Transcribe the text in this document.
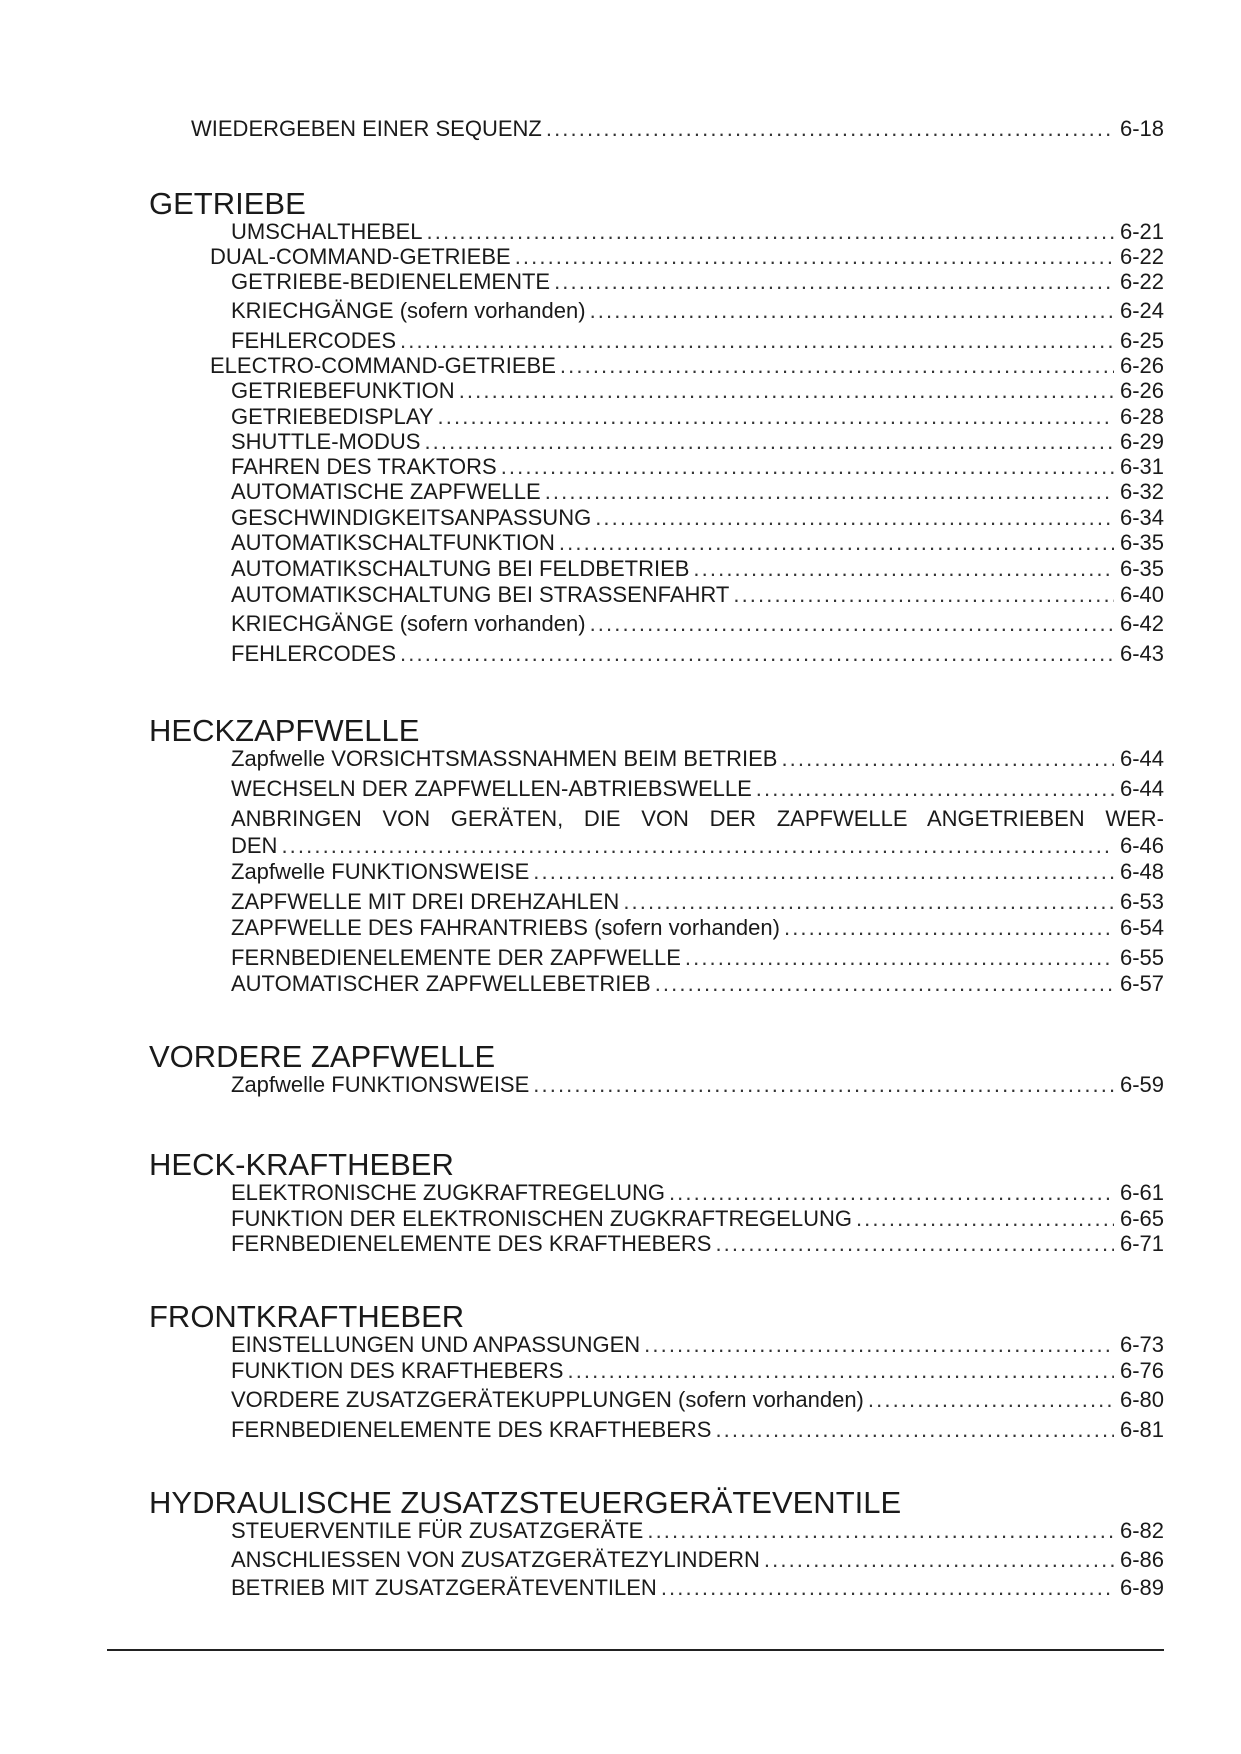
WIEDERGEBEN EINER SEQUENZ . . .	6-18
GETRIEBE
UMSCHALTHEBEL . . .	6-21
DUAL-COMMAND-GETRIEBE . . .	6-22
GETRIEBE-BEDIENELEMENTE . . .	6-22
KRIECHGÄNGE (sofern vorhanden) . . .	6-24
FEHLERCODES . . .	6-25
ELECTRO-COMMAND-GETRIEBE . . .	6-26
GETRIEBEFUNKTION . . .	6-26
GETRIEBEDISPLAY . . .	6-28
SHUTTLE-MODUS . . .	6-29
FAHREN DES TRAKTORS . . .	6-31
AUTOMATISCHE ZAPFWELLE . . .	6-32
GESCHWINDIGKEITSANPASSUNG . . .	6-34
AUTOMATIKSCHALTFUNKTION . . .	6-35
AUTOMATIKSCHALTUNG BEI FELDBETRIEB . . .	6-35
AUTOMATIKSCHALTUNG BEI STRASSENFAHRT . . .	6-40
KRIECHGÄNGE (sofern vorhanden) . . .	6-42
FEHLERCODES . . .	6-43
HECKZAPFWELLE
Zapfwelle VORSICHTSMASSNAHMEN BEIM BETRIEB . . .	6-44
WECHSELN DER ZAPFWELLEN-ABTRIEBSWELLE . . .	6-44
ANBRINGEN VON GERÄTEN, DIE VON DER ZAPFWELLE ANGETRIEBEN WER-
DEN . . .	6-46
Zapfwelle FUNKTIONSWEISE . . .	6-48
ZAPFWELLE MIT DREI DREHZAHLEN . . .	6-53
ZAPFWELLE DES FAHRANTRIEBS (sofern vorhanden) . . .	6-54
FERNBEDIENELEMENTE DER ZAPFWELLE . . .	6-55
AUTOMATISCHER ZAPFWELLEBETRIEB . . .	6-57
VORDERE ZAPFWELLE
Zapfwelle FUNKTIONSWEISE . . .	6-59
HECK-KRAFTHEBER
ELEKTRONISCHE ZUGKRAFTREGELUNG . . .	6-61
FUNKTION DER ELEKTRONISCHEN ZUGKRAFTREGELUNG . . .	6-65
FERNBEDIENELEMENTE DES KRAFTHEBERS . . .	6-71
FRONTKRAFTHEBER
EINSTELLUNGEN UND ANPASSUNGEN . . .	6-73
FUNKTION DES KRAFTHEBERS . . .	6-76
VORDERE ZUSATZGERÄTEKUPPLUNGEN (sofern vorhanden) . . .	6-80
FERNBEDIENELEMENTE DES KRAFTHEBERS . . .	6-81
HYDRAULISCHE ZUSATZSTEUERGERÄTEVENTILE
STEUERVENTILE FÜR ZUSATZGERÄTE . . .	6-82
ANSCHLIESSEN VON ZUSATZGERÄTEZYLINDERN . . .	6-86
BETRIEB MIT ZUSATZGERÄTEVENTILEN . . .	6-89
